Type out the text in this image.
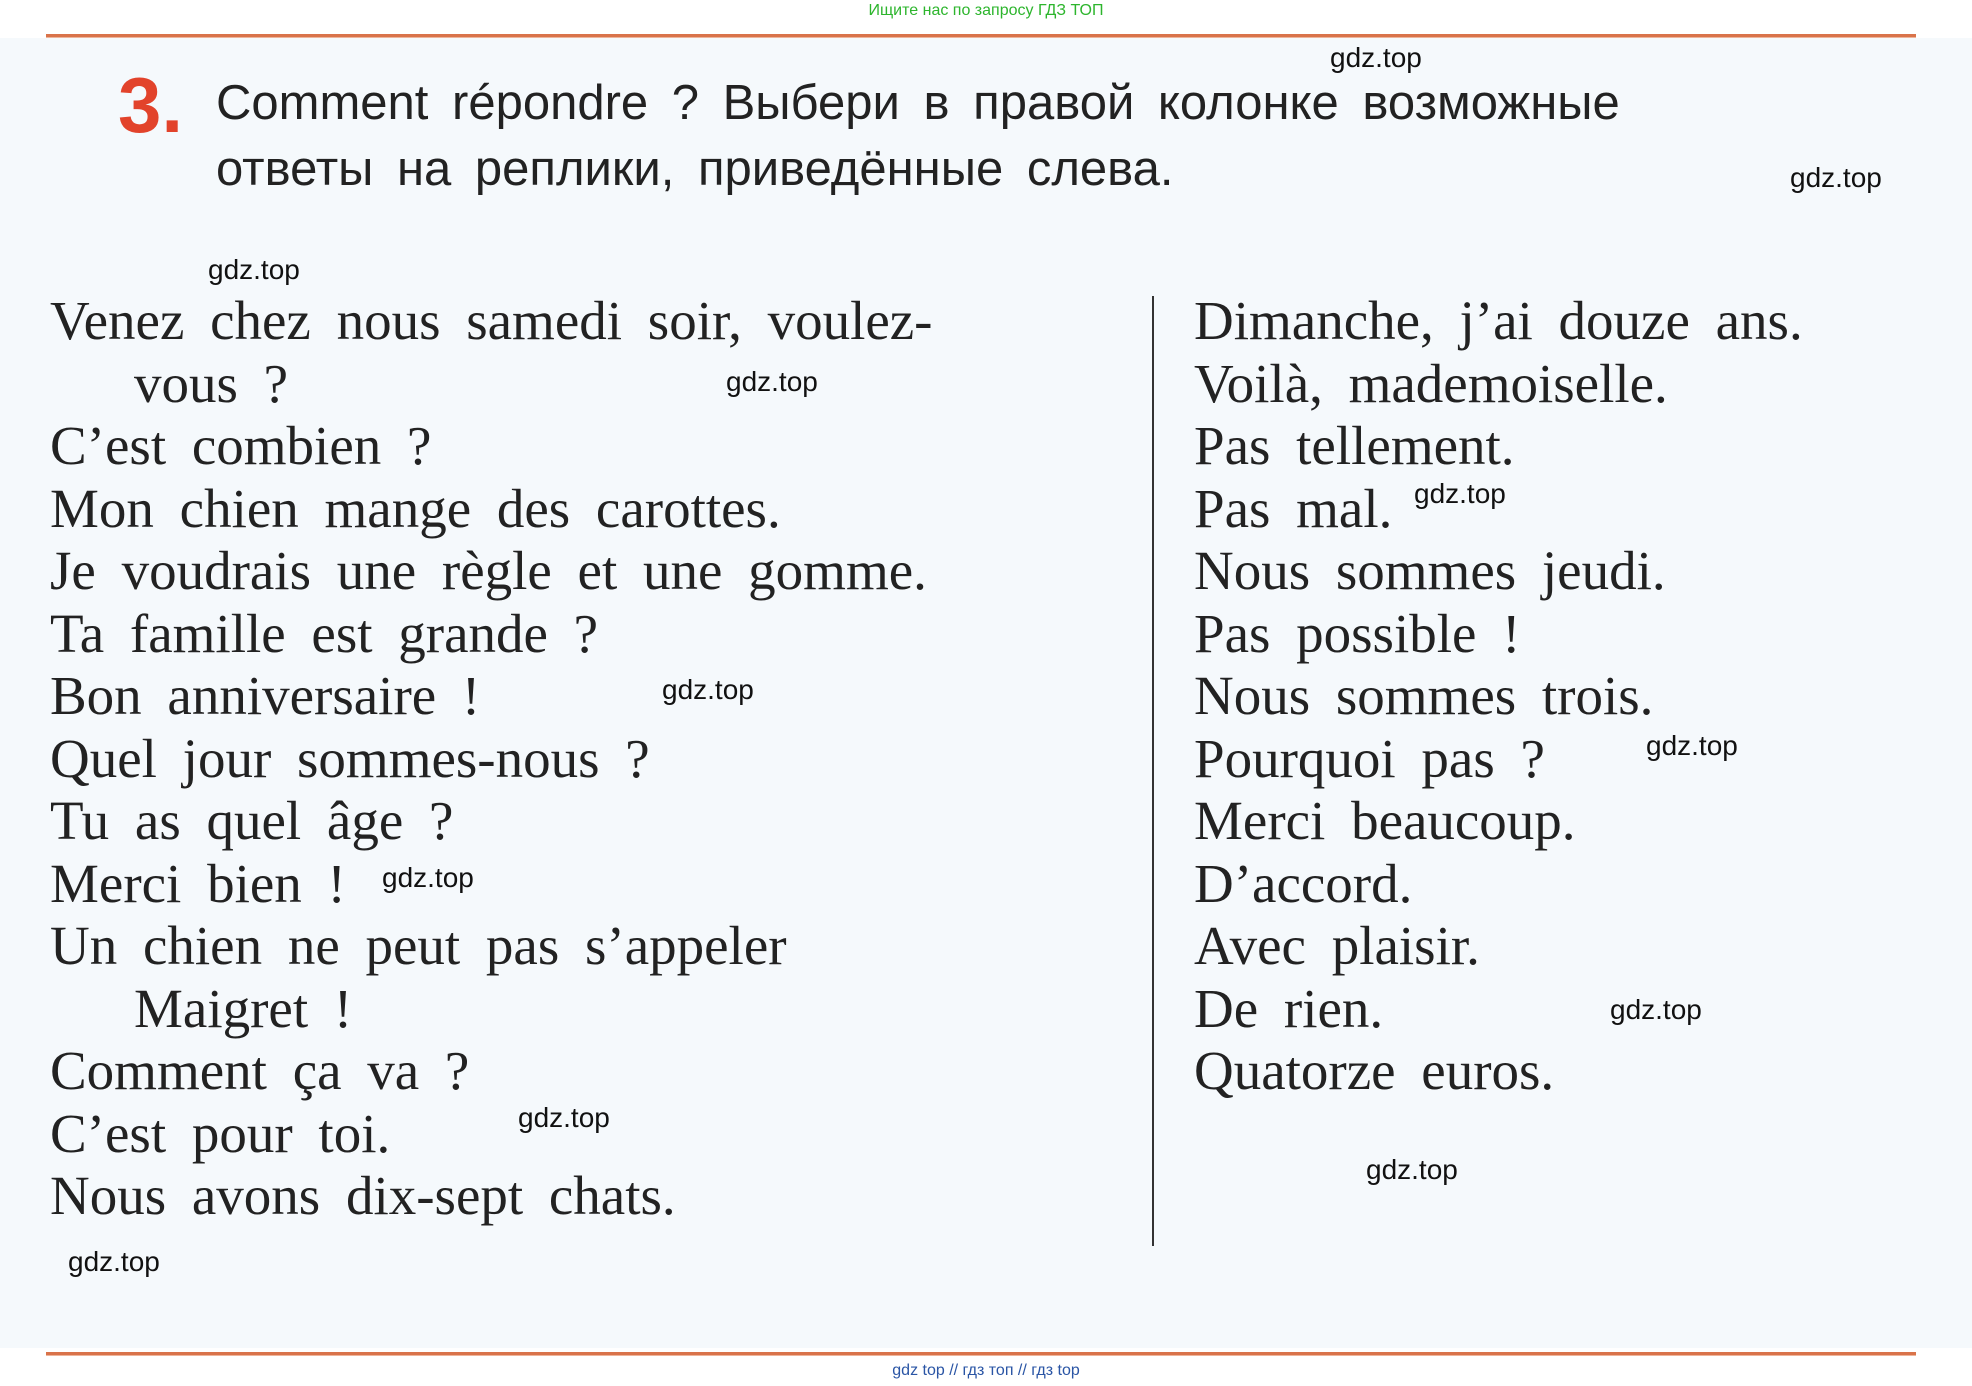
Ищите нас по запросу ГДЗ ТОП
3. Comment répondre ? Выбери в правой колонке возможные
ответы на реплики, приведённые слева.
Venez chez nous samedi soir, voulez-
vous ?
C’est combien ?
Mon chien mange des carottes.
Je voudrais une règle et une gomme.
Ta famille est grande ?
Bon anniversaire !
Quel jour sommes-nous ?
Tu as quel âge ?
Merci bien !
Un chien ne peut pas s’appeler
Maigret !
Comment ça va ?
C’est pour toi.
Nous avons dix-sept chats.
Dimanche, j’ai douze ans.
Voilà, mademoiselle.
Pas tellement.
Pas mal.
Nous sommes jeudi.
Pas possible !
Nous sommes trois.
Pourquoi pas ?
Merci beaucoup.
D’accord.
Avec plaisir.
De rien.
Quatorze euros.
gdz.top
gdz.top
gdz.top
gdz.top
gdz.top
gdz.top
gdz.top
gdz.top
gdz.top
gdz.top
gdz.top
gdz.top
gdz top // гдз топ // гдз top
